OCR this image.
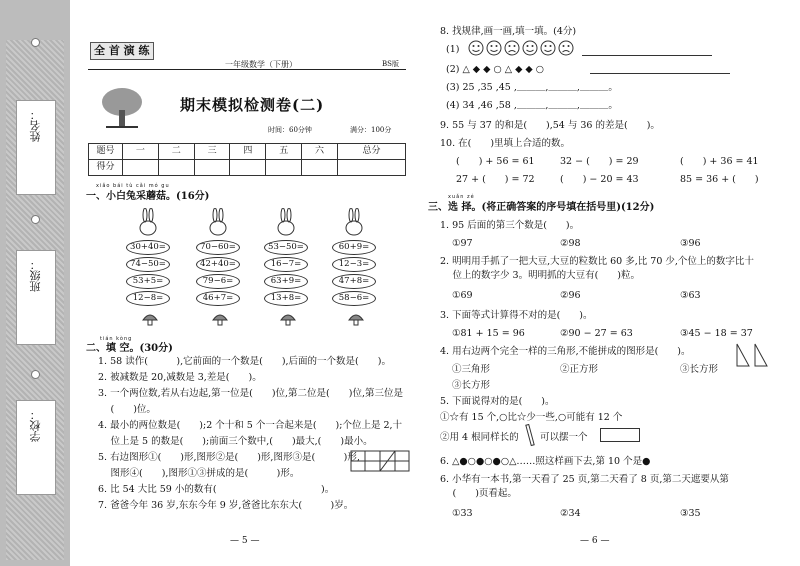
姓名：
班级：
学校：
全 首 演 练
一年级数学（下册）	BS版
期末模拟检测卷(二)
时间：60分钟	满分：100分
题号	一	二	三	四	五	六	总分
得分							
xiǎo bái tù cǎi mó gu
一、小白兔采蘑菇。(16分)
tián kòng
二、填 空。(30分)
— 5 —
8. 找规律,画一画,填一填。(4分)
(1)
(2) △ ◆ ◆ ○ △ ◆ ◆ ○
(3) 25 ,35 ,45 ,＿＿＿,＿＿＿,＿＿＿。
(4) 34 ,46 ,58 ,＿＿＿,＿＿＿,＿＿＿。
9. 55 与 37 的和是(　　),54 与 36 的差是(　　)。
10. 在(　　)里填上合适的数。
xuǎn zé
三、选 择。(将正确答案的序号填在括号里)(12分)
— 6 —
30+40=
74−50=
53+5=
12−8=
70−60=
42+40=
79−6=
46+7=
53−50=
16−7=
63+9=
13+8=
60+9=
12−3=
47+8=
58−6=
1. 58 读作(　　　),它前面的一个数是(　　),后面的一个数是(　　)。
2. 被减数是 20,减数是 3,差是(　　)。
3. 一个两位数,若从右边起,第一位是(　　)位,第二位是(　　)位,第三位是
　 (　　)位。
4. 最小的两位数是(　　);2 个十和 5 个一合起来是(　　);个位上是 2,十
　 位上是 5 的数是(　　);前面三个数中,(　　)最大,(　　)最小。
5. 右边图形①(　　)形,图形②是(　　)形,图形③是(　　　)形,
　 图形④(　　),图形①③拼成的是(　　　)形。
6. 比 54 大比 59 小的数有(　　　　　　　　　　　)。
7. 爸爸今年 36 岁,东东今年 9 岁,爸爸比东东大(　　　)岁。
(　　) + 56 = 61	32 − (　　) = 29	(　　) + 36 = 41
27 + (　　) = 72	(　　) − 20 = 43	85 = 36 + (　　)
1. 95 后面的第三个数是(　　)。
①97	②98	③96
2. 明明用手抓了一把大豆,大豆的粒数比 60 多,比 70 少,个位上的数字比十
　 位上的数字少 3。明明抓的大豆有(　　)粒。
①69	②96	③63
3. 下面等式计算得不对的是(　　)。
①81 + 15 = 96	②90 − 27 = 63	③45 − 18 = 37
4. 用右边两个完全一样的三角形,不能拼成的图形是(　　)。
①三角形	②正方形	③长方形
③长方形
5. 下面说得对的是(　　)。
①☆有 15 个,○比☆少一些,○可能有 12 个
②用 4 根同样长的
6. △●○●○●○△……照这样画下去,第 10 个是●
6. 小华有一本书,第一天看了 25 页,第二天看了 8 页,第二天遮要从第
　 (　　)页看起。
①33	②34	③35
可以摆一个
